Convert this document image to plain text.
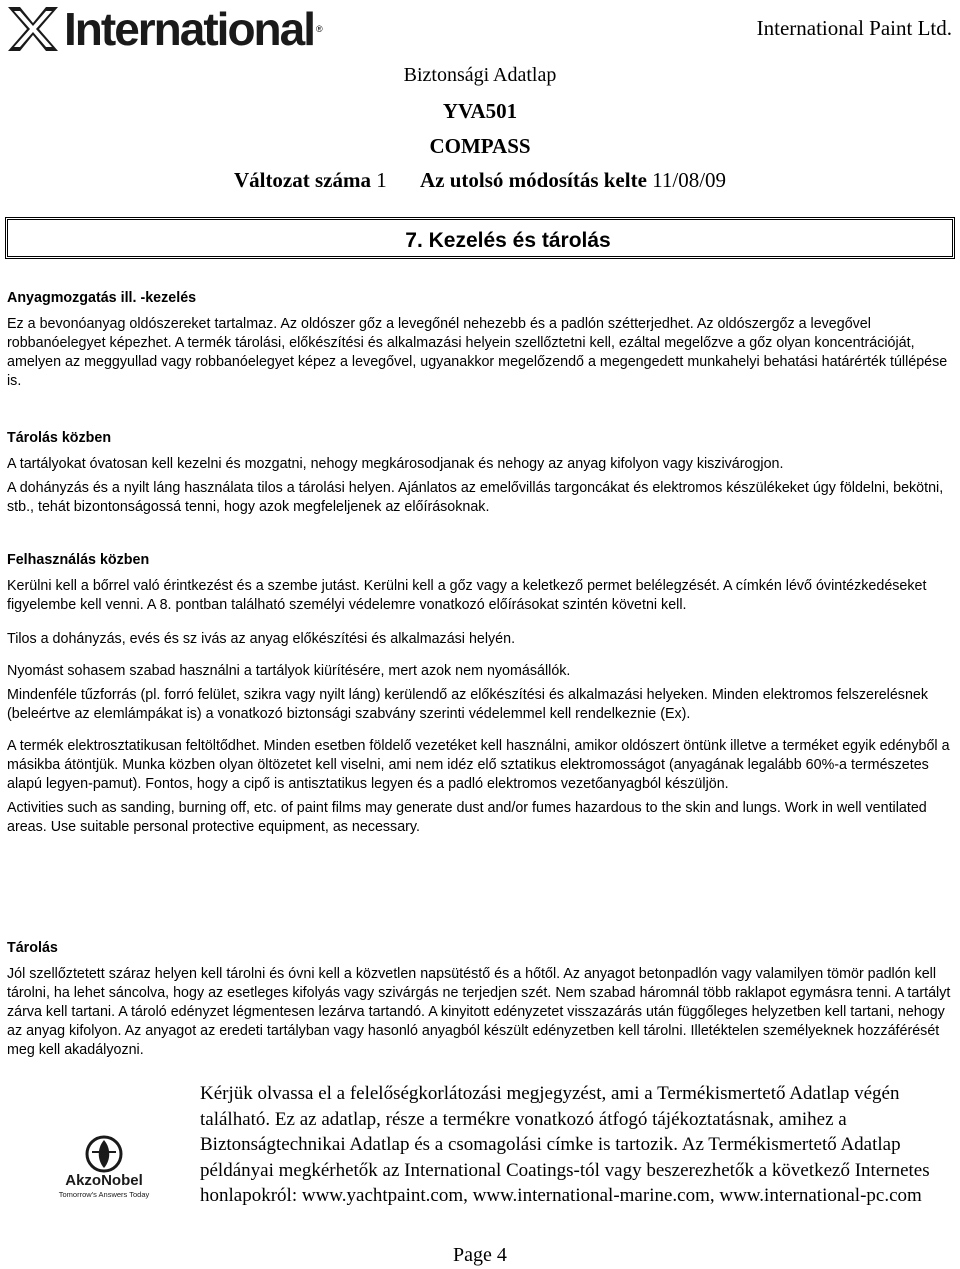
International ®	International Paint Ltd.
Biztonsági Adatlap
YVA501
COMPASS
Változat száma 1 Az utolsó módosítás kelte 11/08/09
7. Kezelés és tárolás

Anyagmozgatás ill. -kezelés

Ez a bevonóanyag oldószereket tartalmaz. Az oldószer gőz a levegőnél nehezebb és a padlón szétterjedhet. Az oldószergőz a levegővel robbanóelegyet képezhet. A termék tárolási, előkészítési és alkalmazási helyein szellőztetni kell, ezáltal megelőzve a gőz olyan koncentrációját, amelyen az meggyullad vagy robbanóelegyet képez a levegővel, ugyanakkor megelőzendő a megengedett munkahelyi behatási határérték túllépése is.

Tárolás közben

A tartályokat óvatosan kell kezelni és mozgatni, nehogy megkárosodjanak és nehogy az anyag kifolyon vagy kiszivárogjon.

A dohányzás és a nyilt láng használata tilos a tárolási helyen. Ajánlatos az emelővillás targoncákat és elektromos készülékeket úgy földelni, bekötni, stb., tehát bizontonságossá tenni, hogy azok megfeleljenek az előírásoknak.

Felhasználás közben

Kerülni kell a bőrrel való érintkezést és a szembe jutást. Kerülni kell a gőz vagy a keletkező permet belélegzését. A címkén lévő óvintézkedéseket figyelembe kell venni. A 8. pontban található személyi védelemre vonatkozó előírásokat szintén követni kell.

Tilos a dohányzás, evés és sz ivás az anyag előkészítési és alkalmazási helyén.

Nyomást sohasem szabad használni a tartályok kiürítésére, mert azok nem nyomásállók.

Mindenféle tűzforrás (pl. forró felület, szikra vagy nyilt láng) kerülendő az előkészítési és alkalmazási helyeken. Minden elektromos felszerelésnek (beleértve az elemlámpákat is) a vonatkozó biztonsági szabvány szerinti védelemmel kell rendelkeznie (Ex).

A termék elektrosztatikusan feltöltődhet. Minden esetben földelő vezetéket kell használni, amikor oldószert öntünk illetve a terméket egyik edényből a másikba átöntjük. Munka közben olyan öltözetet kell viselni, ami nem idéz elő sztatikus elektromosságot (anyagának legalább 60%-a természetes alapú legyen-pamut). Fontos, hogy a cipő is antisztatikus legyen és a padló elektromos vezetőanyagból készüljön.

Activities such as sanding, burning off, etc. of paint films may generate dust and/or fumes hazardous to the skin and lungs. Work in well ventilated areas. Use suitable personal protective equipment, as necessary.

Tárolás

Jól szellőztetett száraz helyen kell tárolni és óvni kell a közvetlen napsütéstő és a hőtől. Az anyagot betonpadlón vagy valamilyen tömör padlón kell tárolni, ha lehet sáncolva, hogy az esetleges kifolyás vagy szivárgás ne terjedjen szét. Nem szabad háromnál több raklapot egymásra tenni. A tartályt zárva kell tartani. A tároló edényzet légmentesen lezárva tartandó. A kinyitott edényzetet visszazárás után függőleges helyzetben kell tartani, nehogy az anyag kifolyon. Az anyagot az eredeti tartályban vagy hasonló anyagból készült edényzetben kell tárolni. Illetéktelen személyeknek hozzáférését meg kell akadályozni.

AkzoNobel
Tomorrow's Answers Today
Kérjük olvassa el a felelőségkorlátozási megjegyzést, ami a Termékismertető Adatlap végén található. Ez az adatlap, része a termékre vonatkozó átfogó tájékoztatásnak, amihez a Biztonságtechnikai Adatlap és a csomagolási címke is tartozik. Az Termékismertető Adatlap példányai megkérhetők az International Coatings-tól vagy beszerezhetők a következő Internetes honlapokról: www.yachtpaint.com, www.international-marine.com, www.international-pc.com
Page 4
